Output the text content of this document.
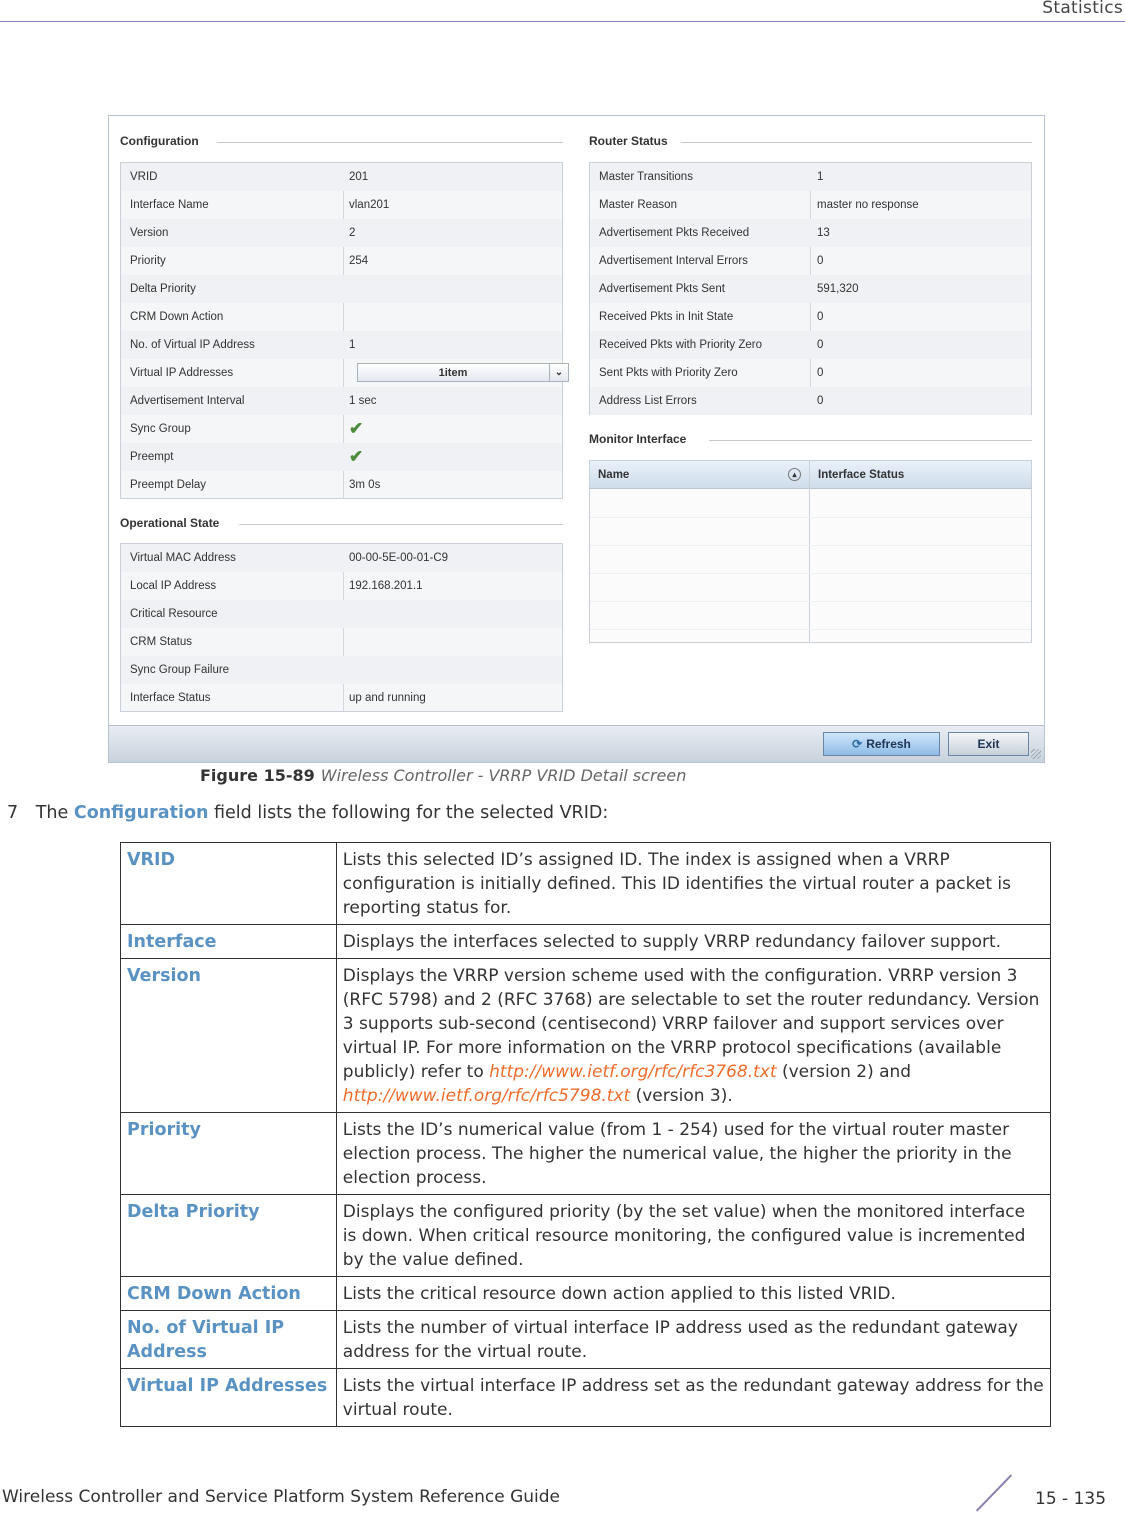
Statistics
Configuration
VRID	201
Interface Name	vlan201
Version	2
Priority	254
Delta Priority
CRM Down Action
No. of Virtual IP Address	1
Virtual IP Addresses	1item	⌄
Advertisement Interval	1 sec
Sync Group	✔
Preempt	✔
Preempt Delay	3m 0s
Operational State
Virtual MAC Address	00-00-5E-00-01-C9
Local IP Address	192.168.201.1
Critical Resource
CRM Status
Sync Group Failure
Interface Status	up and running
Router Status
Master Transitions	1
Master Reason	master no response
Advertisement Pkts Received	13
Advertisement Interval Errors	0
Advertisement Pkts Sent	591,320
Received Pkts in Init State	0
Received Pkts with Priority Zero	0
Sent Pkts with Priority Zero	0
Address List Errors	0
Monitor Interface
Name	▴	Interface Status
⟳ Refresh	Exit
Figure 15-89 Wireless Controller - VRRP VRID Detail screen
7 The Configuration field lists the following for the selected VRID:
VRID	Lists this selected ID’s assigned ID. The index is assigned when a VRRP configuration is initially defined. This ID identifies the virtual router a packet is reporting status for.
Interface	Displays the interfaces selected to supply VRRP redundancy failover support.
Version	Displays the VRRP version scheme used with the configuration. VRRP version 3 (RFC 5798) and 2 (RFC 3768) are selectable to set the router redundancy. Version 3 supports sub-second (centisecond) VRRP failover and support services over virtual IP. For more information on the VRRP protocol specifications (available publicly) refer to http://www.ietf.org/rfc/rfc3768.txt (version 2) and http://www.ietf.org/rfc/rfc5798.txt (version 3).
Priority	Lists the ID’s numerical value (from 1 - 254) used for the virtual router master election process. The higher the numerical value, the higher the priority in the election process.
Delta Priority	Displays the configured priority (by the set value) when the monitored interface is down. When critical resource monitoring, the configured value is incremented by the value defined.
CRM Down Action	Lists the critical resource down action applied to this listed VRID.
No. of Virtual IP Address	Lists the number of virtual interface IP address used as the redundant gateway address for the virtual route.
Virtual IP Addresses	Lists the virtual interface IP address set as the redundant gateway address for the virtual route.
Wireless Controller and Service Platform System Reference Guide	15 - 135
